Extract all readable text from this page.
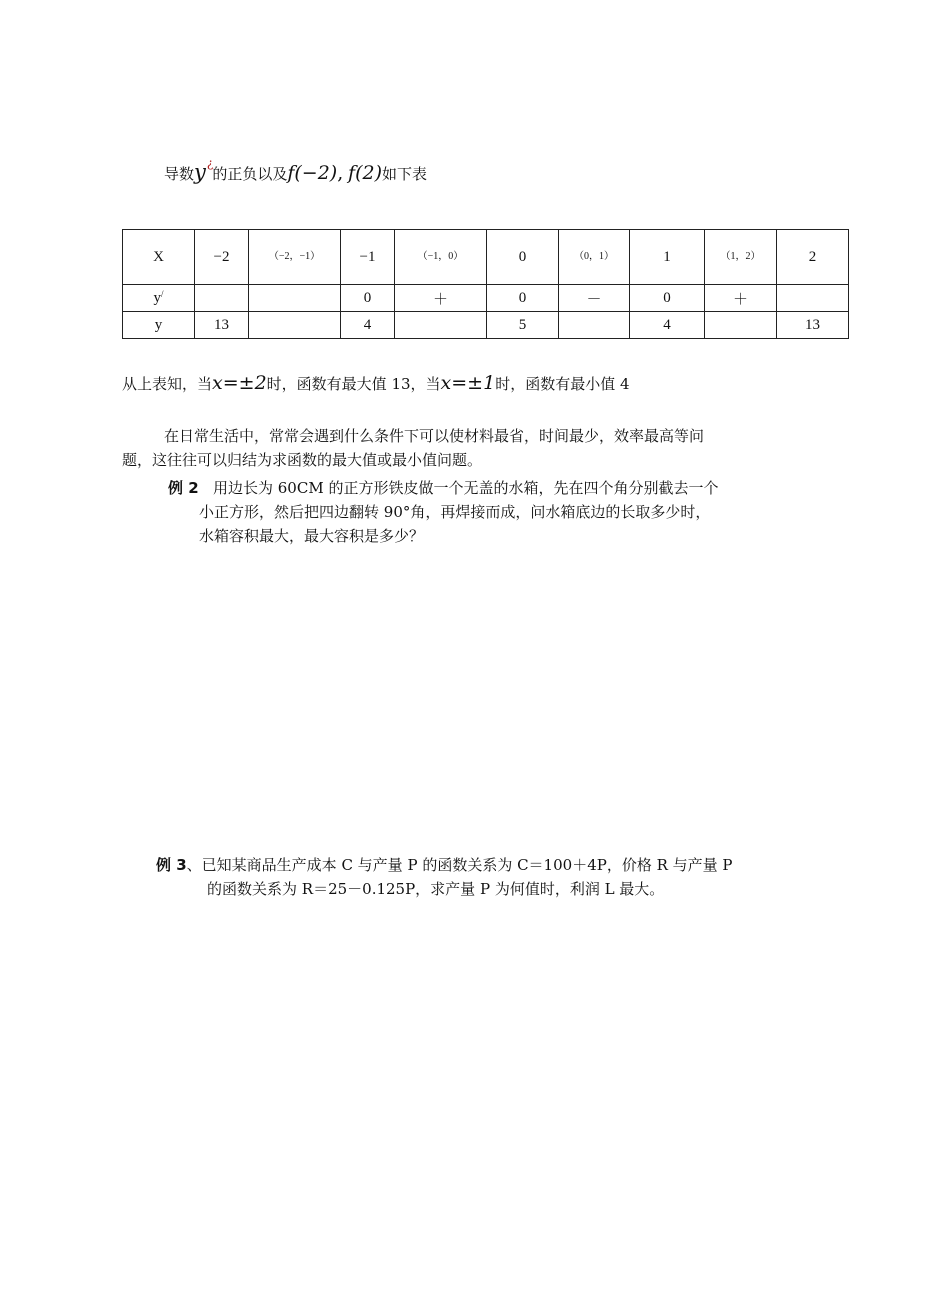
导数y¿的正负以及f(−2), f(2)如下表
X	−2	（−2，−1）	−1	（−1，0）	0	（0，1）	1	（1，2）	2
y/			0	＋	0	－	0	＋	
y	13		4		5		4		13
从上表知，当x=±2时，函数有最大值 13，当x=±1时，函数有最小值 4
在日常生活中，常常会遇到什么条件下可以使材料最省，时间最少，效率最高等问
题，这往往可以归结为求函数的最大值或最小值问题。
例 2 用边长为 60CM 的正方形铁皮做一个无盖的水箱，先在四个角分别截去一个
小正方形，然后把四边翻转 90°角，再焊接而成，问水箱底边的长取多少时，
水箱容积最大，最大容积是多少？
例 3、已知某商品生产成本 C 与产量 P 的函数关系为 C＝100＋4P，价格 R 与产量 P
的函数关系为 R＝25－0.125P，求产量 P 为何值时，利润 L 最大。
